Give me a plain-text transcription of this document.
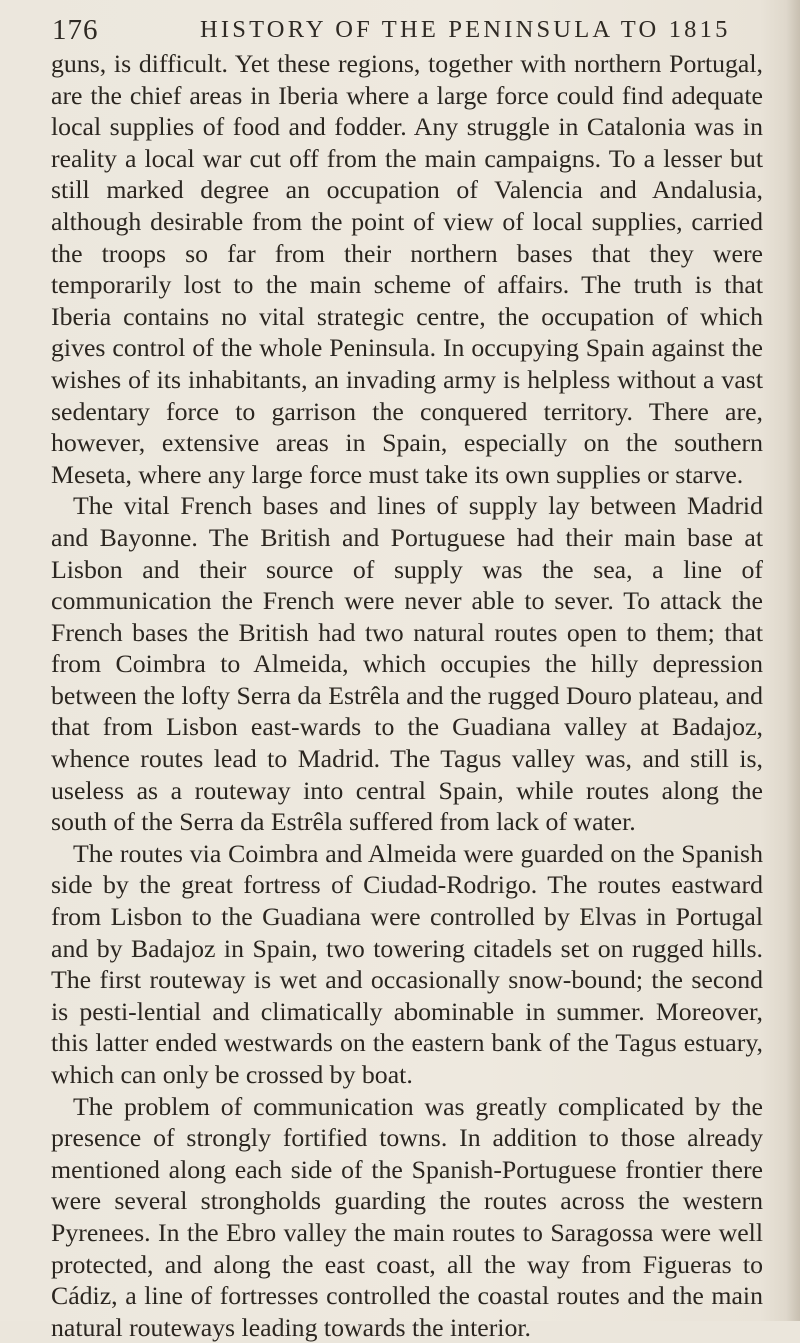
176	HISTORY OF THE PENINSULA TO 1815

guns, is difficult. Yet these regions, together with northern Portugal, are the chief areas in Iberia where a large force could find adequate local supplies of food and fodder. Any struggle in Catalonia was in reality a local war cut off from the main campaigns. To a lesser but still marked degree an occupation of Valencia and Andalusia, although desirable from the point of view of local supplies, carried the troops so far from their northern bases that they were temporarily lost to the main scheme of affairs. The truth is that Iberia contains no vital strategic centre, the occupation of which gives control of the whole Peninsula. In occupying Spain against the wishes of its inhabitants, an invading army is helpless without a vast sedentary force to garrison the conquered territory. There are, however, extensive areas in Spain, especially on the southern Meseta, where any large force must take its own supplies or starve.

The vital French bases and lines of supply lay between Madrid and Bayonne. The British and Portuguese had their main base at Lisbon and their source of supply was the sea, a line of communication the French were never able to sever. To attack the French bases the British had two natural routes open to them; that from Coimbra to Almeida, which occupies the hilly depression between the lofty Serra da Estrêla and the rugged Douro plateau, and that from Lisbon east-wards to the Guadiana valley at Badajoz, whence routes lead to Madrid. The Tagus valley was, and still is, useless as a routeway into central Spain, while routes along the south of the Serra da Estrêla suffered from lack of water.

The routes via Coimbra and Almeida were guarded on the Spanish side by the great fortress of Ciudad-Rodrigo. The routes eastward from Lisbon to the Guadiana were controlled by Elvas in Portugal and by Badajoz in Spain, two towering citadels set on rugged hills. The first routeway is wet and occasionally snow-bound; the second is pesti-lential and climatically abominable in summer. Moreover, this latter ended westwards on the eastern bank of the Tagus estuary, which can only be crossed by boat.

The problem of communication was greatly complicated by the presence of strongly fortified towns. In addition to those already mentioned along each side of the Spanish-Portuguese frontier there were several strongholds guarding the routes across the western Pyrenees. In the Ebro valley the main routes to Saragossa were well protected, and along the east coast, all the way from Figueras to Cádiz, a line of fortresses controlled the coastal routes and the main natural routeways leading towards the interior.
